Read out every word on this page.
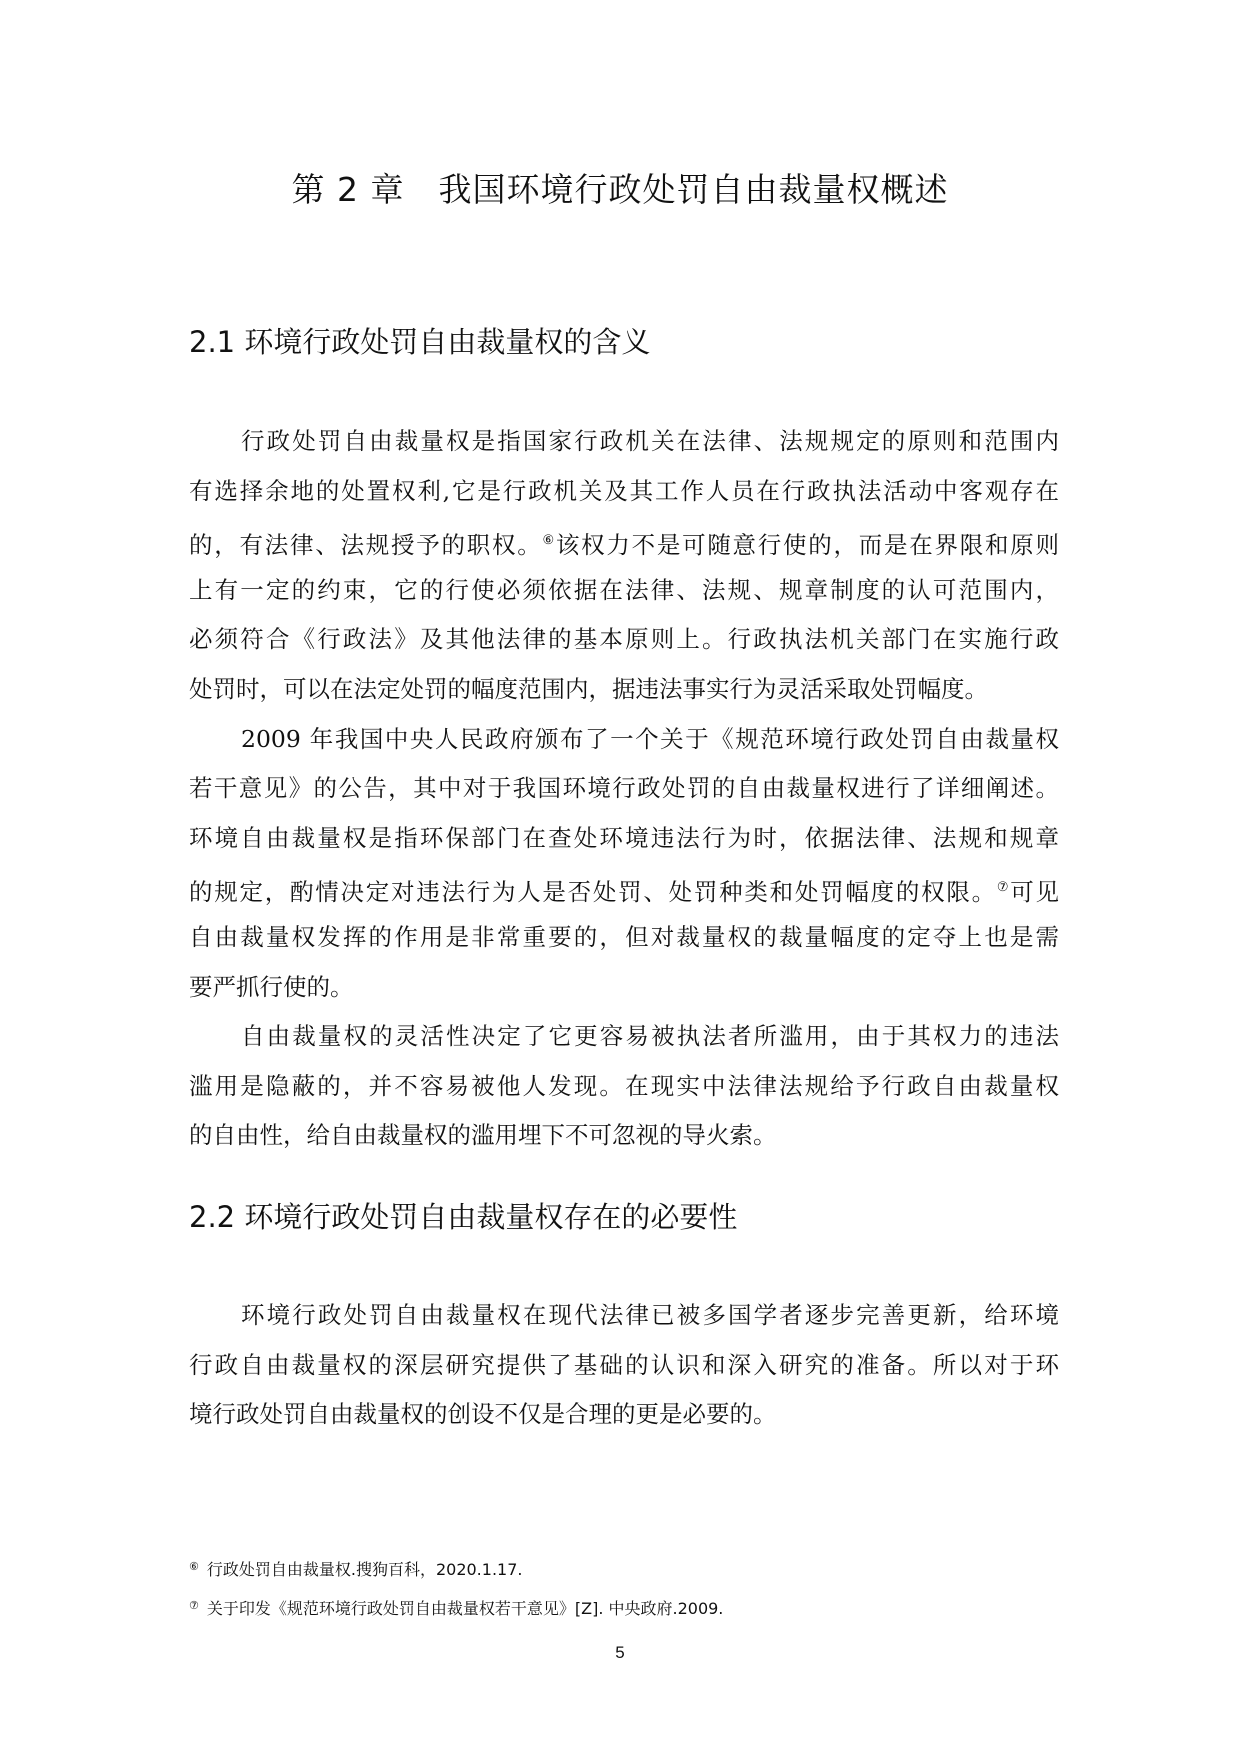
第 2 章　我国环境行政处罚自由裁量权概述
2.1 环境行政处罚自由裁量权的含义
行政处罚自由裁量权是指国家行政机关在法律、法规规定的原则和范围内
有选择余地的处置权利,它是行政机关及其工作人员在行政执法活动中客观存在
的，有法律、法规授予的职权。⑥该权力不是可随意行使的，而是在界限和原则
上有一定的约束，它的行使必须依据在法律、法规、规章制度的认可范围内，
必须符合《行政法》及其他法律的基本原则上。行政执法机关部门在实施行政
处罚时，可以在法定处罚的幅度范围内，据违法事实行为灵活采取处罚幅度。
2009 年我国中央人民政府颁布了一个关于《规范环境行政处罚自由裁量权
若干意见》的公告，其中对于我国环境行政处罚的自由裁量权进行了详细阐述。
环境自由裁量权是指环保部门在查处环境违法行为时，依据法律、法规和规章
的规定，酌情决定对违法行为人是否处罚、处罚种类和处罚幅度的权限。⑦可见
自由裁量权发挥的作用是非常重要的，但对裁量权的裁量幅度的定夺上也是需
要严抓行使的。
自由裁量权的灵活性决定了它更容易被执法者所滥用，由于其权力的违法
滥用是隐蔽的，并不容易被他人发现。在现实中法律法规给予行政自由裁量权
的自由性，给自由裁量权的滥用埋下不可忽视的导火索。
2.2 环境行政处罚自由裁量权存在的必要性
环境行政处罚自由裁量权在现代法律已被多国学者逐步完善更新，给环境
行政自由裁量权的深层研究提供了基础的认识和深入研究的准备。所以对于环
境行政处罚自由裁量权的创设不仅是合理的更是必要的。
⑥ 行政处罚自由裁量权.搜狗百科，2020.1.17.
⑦ 关于印发《规范环境行政处罚自由裁量权若干意见》[Z]. 中央政府.2009.
5
